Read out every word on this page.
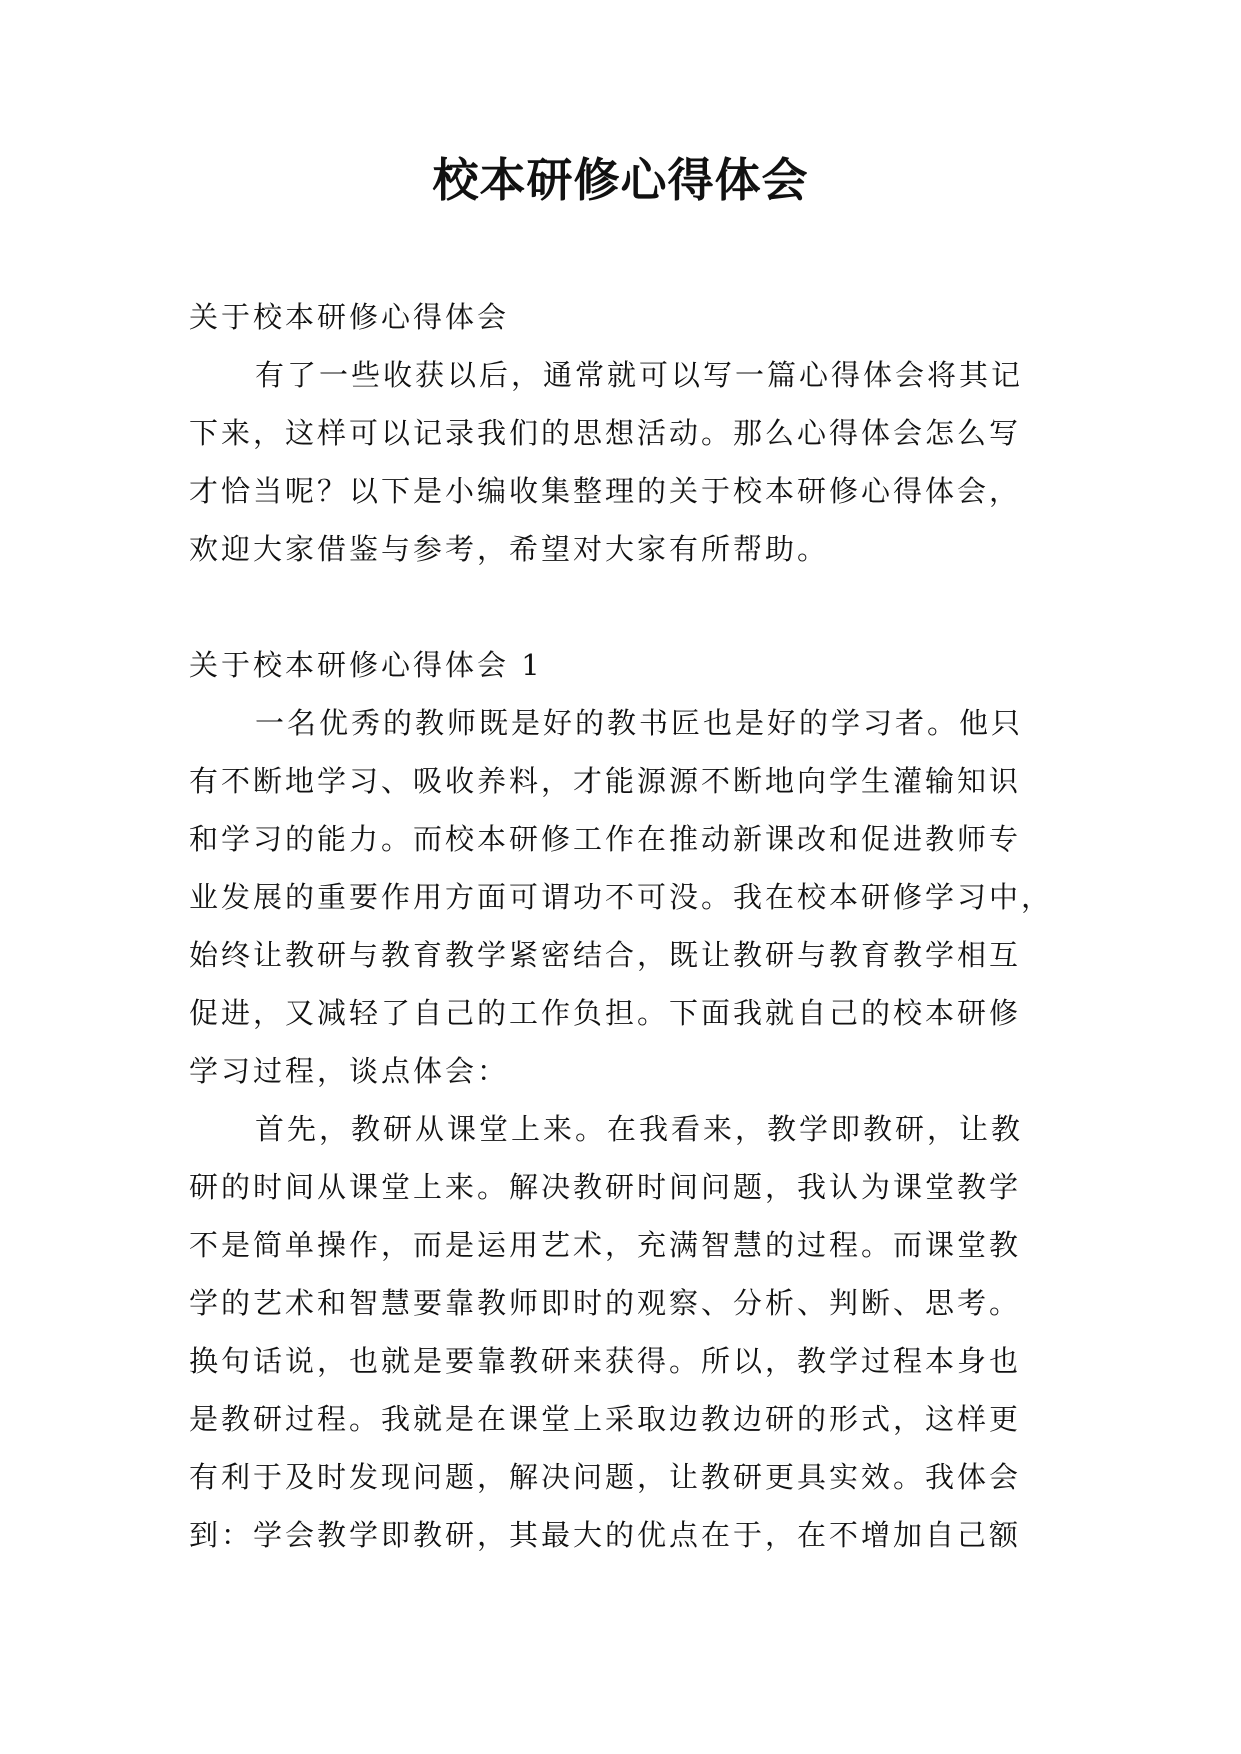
校本研修心得体会
关于校本研修心得体会
有了一些收获以后，通常就可以写一篇心得体会将其记
下来，这样可以记录我们的思想活动。那么心得体会怎么写
才恰当呢？以下是小编收集整理的关于校本研修心得体会，
欢迎大家借鉴与参考，希望对大家有所帮助。
关于校本研修心得体会 1
一名优秀的教师既是好的教书匠也是好的学习者。他只
有不断地学习、吸收养料，才能源源不断地向学生灌输知识
和学习的能力。而校本研修工作在推动新课改和促进教师专
业发展的重要作用方面可谓功不可没。我在校本研修学习中，
始终让教研与教育教学紧密结合，既让教研与教育教学相互
促进，又减轻了自己的工作负担。下面我就自己的校本研修
学习过程，谈点体会：
首先，教研从课堂上来。在我看来，教学即教研，让教
研的时间从课堂上来。解决教研时间问题，我认为课堂教学
不是简单操作，而是运用艺术，充满智慧的过程。而课堂教
学的艺术和智慧要靠教师即时的观察、分析、判断、思考。
换句话说，也就是要靠教研来获得。所以，教学过程本身也
是教研过程。我就是在课堂上采取边教边研的形式，这样更
有利于及时发现问题，解决问题，让教研更具实效。我体会
到：学会教学即教研，其最大的优点在于，在不增加自己额
